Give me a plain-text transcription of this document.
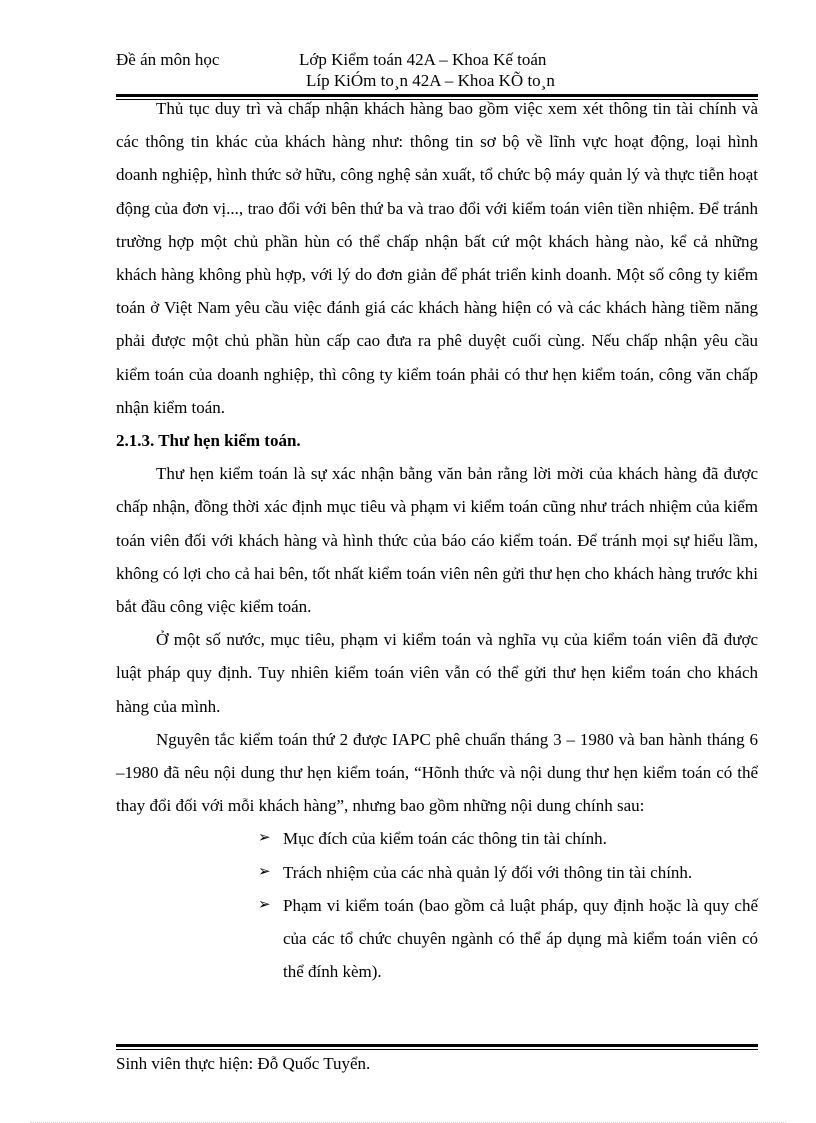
Đề án môn học	Lớp Kiểm toán 42A – Khoa Kế toán
Líp KiÓm to¸n 42A – Khoa KÕ to¸n

Thủ tục duy trì và chấp nhận khách hàng bao gồm việc xem xét thông tin tài chính và các thông tin khác của khách hàng như: thông tin sơ bộ về lĩnh vực hoạt động, loại hình doanh nghiệp, hình thức sở hữu, công nghệ sản xuất, tổ chức bộ máy quản lý và thực tiễn hoạt động của đơn vị..., trao đổi với bên thứ ba và trao đổi với kiểm toán viên tiền nhiệm. Để tránh trường hợp một chủ phần hùn có thể chấp nhận bất cứ một khách hàng nào, kể cả những khách hàng không phù hợp, với lý do đơn giản để phát triển kinh doanh. Một số công ty kiểm toán ở Việt Nam yêu cầu việc đánh giá các khách hàng hiện có và các khách hàng tiềm năng phải được một chủ phần hùn cấp cao đưa ra phê duyệt cuối cùng. Nếu chấp nhận yêu cầu kiểm toán của doanh nghiệp, thì công ty kiểm toán phải có thư hẹn kiểm toán, công văn chấp nhận kiểm toán.

2.1.3. Thư hẹn kiểm toán.

Thư hẹn kiểm toán là sự xác nhận bằng văn bản rằng lời mời của khách hàng đã được chấp nhận, đồng thời xác định mục tiêu và phạm vi kiểm toán cũng như trách nhiệm của kiểm toán viên đối với khách hàng và hình thức của báo cáo kiểm toán. Để tránh mọi sự hiểu lầm, không có lợi cho cả hai bên, tốt nhất kiểm toán viên nên gửi thư hẹn cho khách hàng trước khi bắt đầu công việc kiểm toán.

Ở một số nước, mục tiêu, phạm vi kiểm toán và nghĩa vụ của kiểm toán viên đã được luật pháp quy định. Tuy nhiên kiểm toán viên vẫn có thể gửi thư hẹn kiểm toán cho khách hàng của mình.

Nguyên tắc kiểm toán thứ 2 được IAPC phê chuẩn tháng 3 – 1980 và ban hành tháng 6 –1980 đã nêu nội dung thư hẹn kiểm toán, “Hõnh thức và nội dung thư hẹn kiểm toán có thể thay đổi đối với mỗi khách hàng”, nhưng bao gồm những nội dung chính sau:

➢ Mục đích của kiểm toán các thông tin tài chính.
➢ Trách nhiệm của các nhà quản lý đối với thông tin tài chính.
➢ Phạm vi kiểm toán (bao gồm cả luật pháp, quy định hoặc là quy chế của các tổ chức chuyên ngành có thể áp dụng mà kiểm toán viên có thể đính kèm).
Sinh viên thực hiện: Đỗ Quốc Tuyển.
